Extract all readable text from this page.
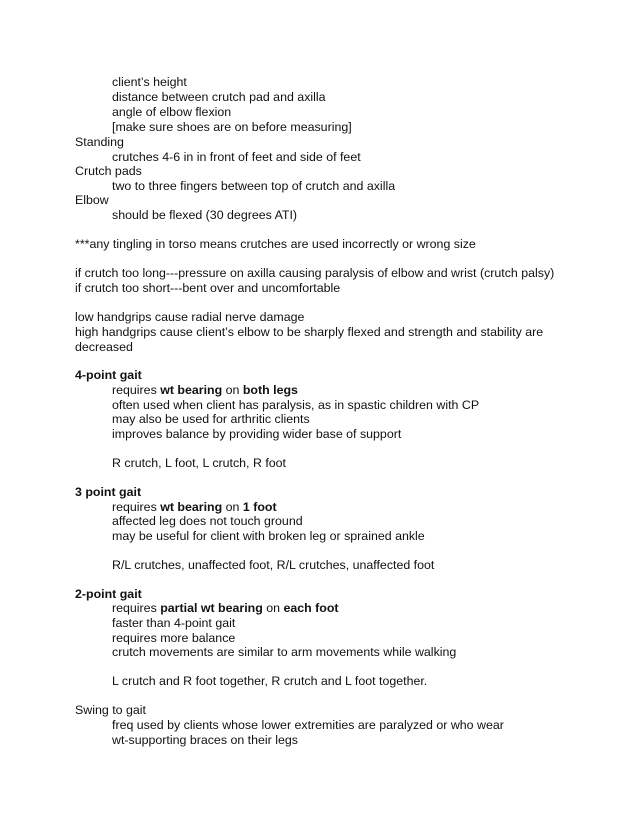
client’s height
distance between crutch pad and axilla
angle of elbow flexion
[make sure shoes are on before measuring]
Standing
crutches 4-6 in in front of feet and side of feet
Crutch pads
two to three fingers between top of crutch and axilla
Elbow
should be flexed (30 degrees ATI)
***any tingling in torso means crutches are used incorrectly or wrong size
if crutch too long---pressure on axilla causing paralysis of elbow and wrist (crutch palsy)
if crutch too short---bent over and uncomfortable
low handgrips cause radial nerve damage
high handgrips cause client’s elbow to be sharply flexed and strength and stability are
decreased
4-point gait
requires wt bearing on both legs
often used when client has paralysis, as in spastic children with CP
may also be used for arthritic clients
improves balance by providing wider base of support
R crutch, L foot, L crutch, R foot
3 point gait
requires wt bearing on 1 foot
affected leg does not touch ground
may be useful for client with broken leg or sprained ankle
R/L crutches, unaffected foot, R/L crutches, unaffected foot
2-point gait
requires partial wt bearing on each foot
faster than 4-point gait
requires more balance
crutch movements are similar to arm movements while walking
L crutch and R foot together, R crutch and L foot together.
Swing to gait
freq used by clients whose lower extremities are paralyzed or who wear
wt-supporting braces on their legs
